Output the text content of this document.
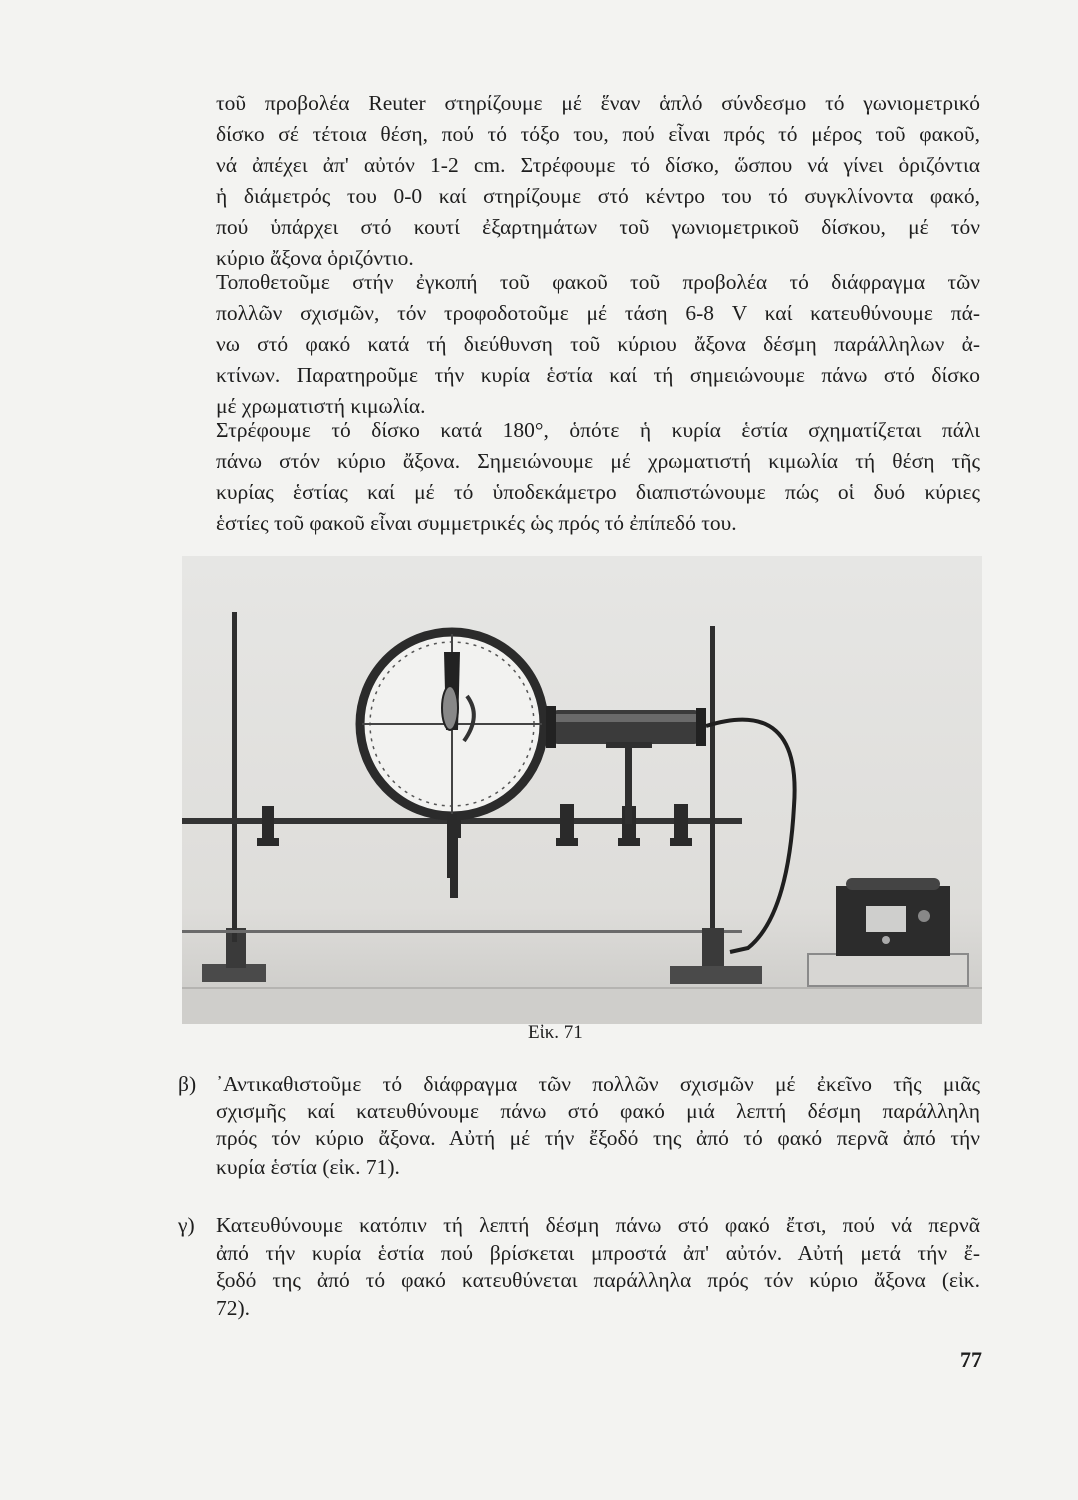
τοῦ προβολέα Reuter στηρίζουμε μέ ἕναν ἁπλό σύνδεσμο τό γωνιομετρικό
δίσκο σέ τέτοια θέση, πού τό τόξο του, πού εἶναι πρός τό μέρος τοῦ φακοῦ,
νά ἀπέχει ἀπ' αὐτόν 1-2 cm. Στρέφουμε τό δίσκο, ὥσπου νά γίνει ὁριζόντια
ἡ διάμετρός του 0-0 καί στηρίζουμε στό κέντρο του τό συγκλίνοντα φακό,
πού ὑπάρχει στό κουτί ἐξαρτημάτων τοῦ γωνιομετρικοῦ δίσκου, μέ τόν
κύριο ἄξονα ὁριζόντιο.
Τοποθετοῦμε στήν ἐγκοπή τοῦ φακοῦ τοῦ προβολέα τό διάφραγμα τῶν
πολλῶν σχισμῶν, τόν τροφοδοτοῦμε μέ τάση 6-8 V καί κατευθύνουμε πά-
νω στό φακό κατά τή διεύθυνση τοῦ κύριου ἄξονα δέσμη παράλληλων ἀ-
κτίνων. Παρατηροῦμε τήν κυρία ἑστία καί τή σημειώνουμε πάνω στό δίσκο
μέ χρωματιστή κιμωλία.
Στρέφουμε τό δίσκο κατά 180°, ὁπότε ἡ κυρία ἑστία σχηματίζεται πάλι
πάνω στόν κύριο ἄξονα. Σημειώνουμε μέ χρωματιστή κιμωλία τή θέση τῆς
κυρίας ἑστίας καί μέ τό ὑποδεκάμετρο διαπιστώνουμε πώς οἱ δυό κύριες
ἑστίες τοῦ φακοῦ εἶναι συμμετρικές ὡς πρός τό ἐπίπεδό του.
Εἰκ. 71
β) ᾽Αντικαθιστοῦμε τό διάφραγμα τῶν πολλῶν σχισμῶν μέ ἐκεῖνο τῆς μιᾶς
σχισμῆς καί κατευθύνουμε πάνω στό φακό μιά λεπτή δέσμη παράλληλη
πρός τόν κύριο ἄξονα. Αὐτή μέ τήν ἔξοδό της ἀπό τό φακό περνᾶ ἀπό τήν
κυρία ἑστία (εἰκ. 71).
γ) Κατευθύνουμε κατόπιν τή λεπτή δέσμη πάνω στό φακό ἔτσι, πού νά περνᾶ
ἀπό τήν κυρία ἑστία πού βρίσκεται μπροστά ἀπ' αὐτόν. Αὐτή μετά τήν ἔ-
ξοδό της ἀπό τό φακό κατευθύνεται παράλληλα πρός τόν κύριο ἄξονα (εἰκ.
72).
77
